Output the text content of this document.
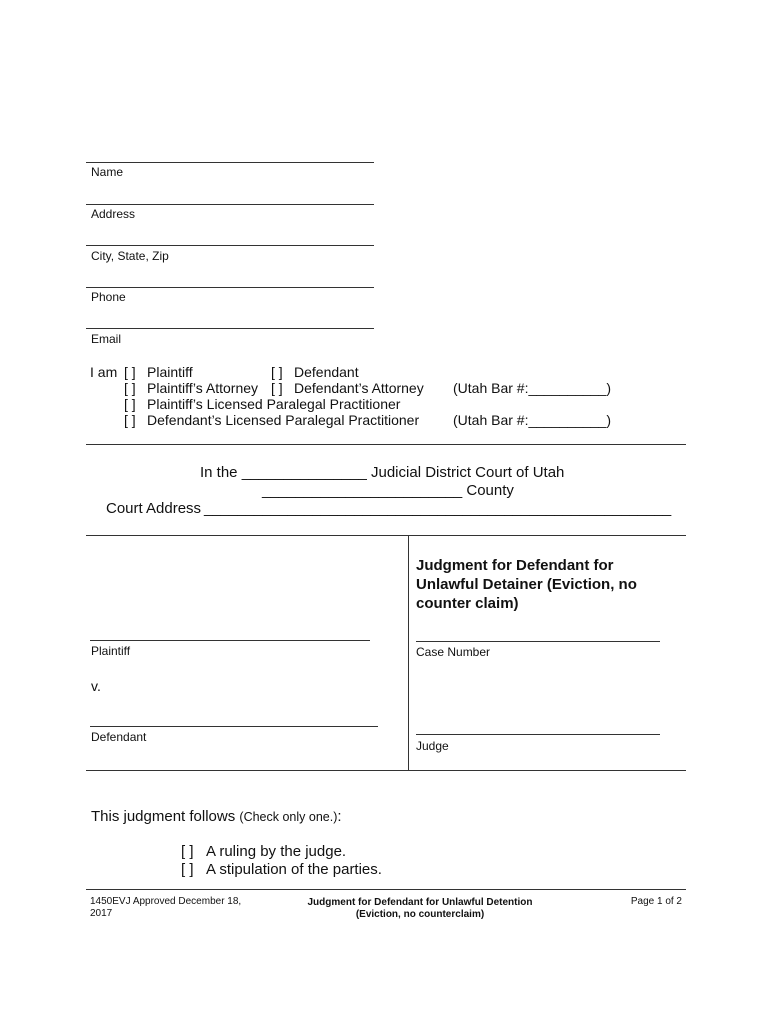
Name
Address
City, State, Zip
Phone
Email
I am [ ] Plaintiff	[ ] Defendant
[ ] Plaintiff’s Attorney [ ] Defendant’s Attorney (Utah Bar #:__________)
[ ] Plaintiff’s Licensed Paralegal Practitioner
[ ] Defendant’s Licensed Paralegal Practitioner (Utah Bar #:__________)
In the _______________ Judicial District Court of Utah
________________________ County
Court Address ________________________________________________________
Judgment for Defendant for Unlawful Detainer (Eviction, no counter claim)
Plaintiff	Case Number
v.
Defendant
Judge
This judgment follows (Check only one.):
[ ] A ruling by the judge.
[ ] A stipulation of the parties.
1450EVJ Approved December 18, 2017
Judgment for Defendant for Unlawful Detention
(Eviction, no counterclaim)
Page 1 of 2
